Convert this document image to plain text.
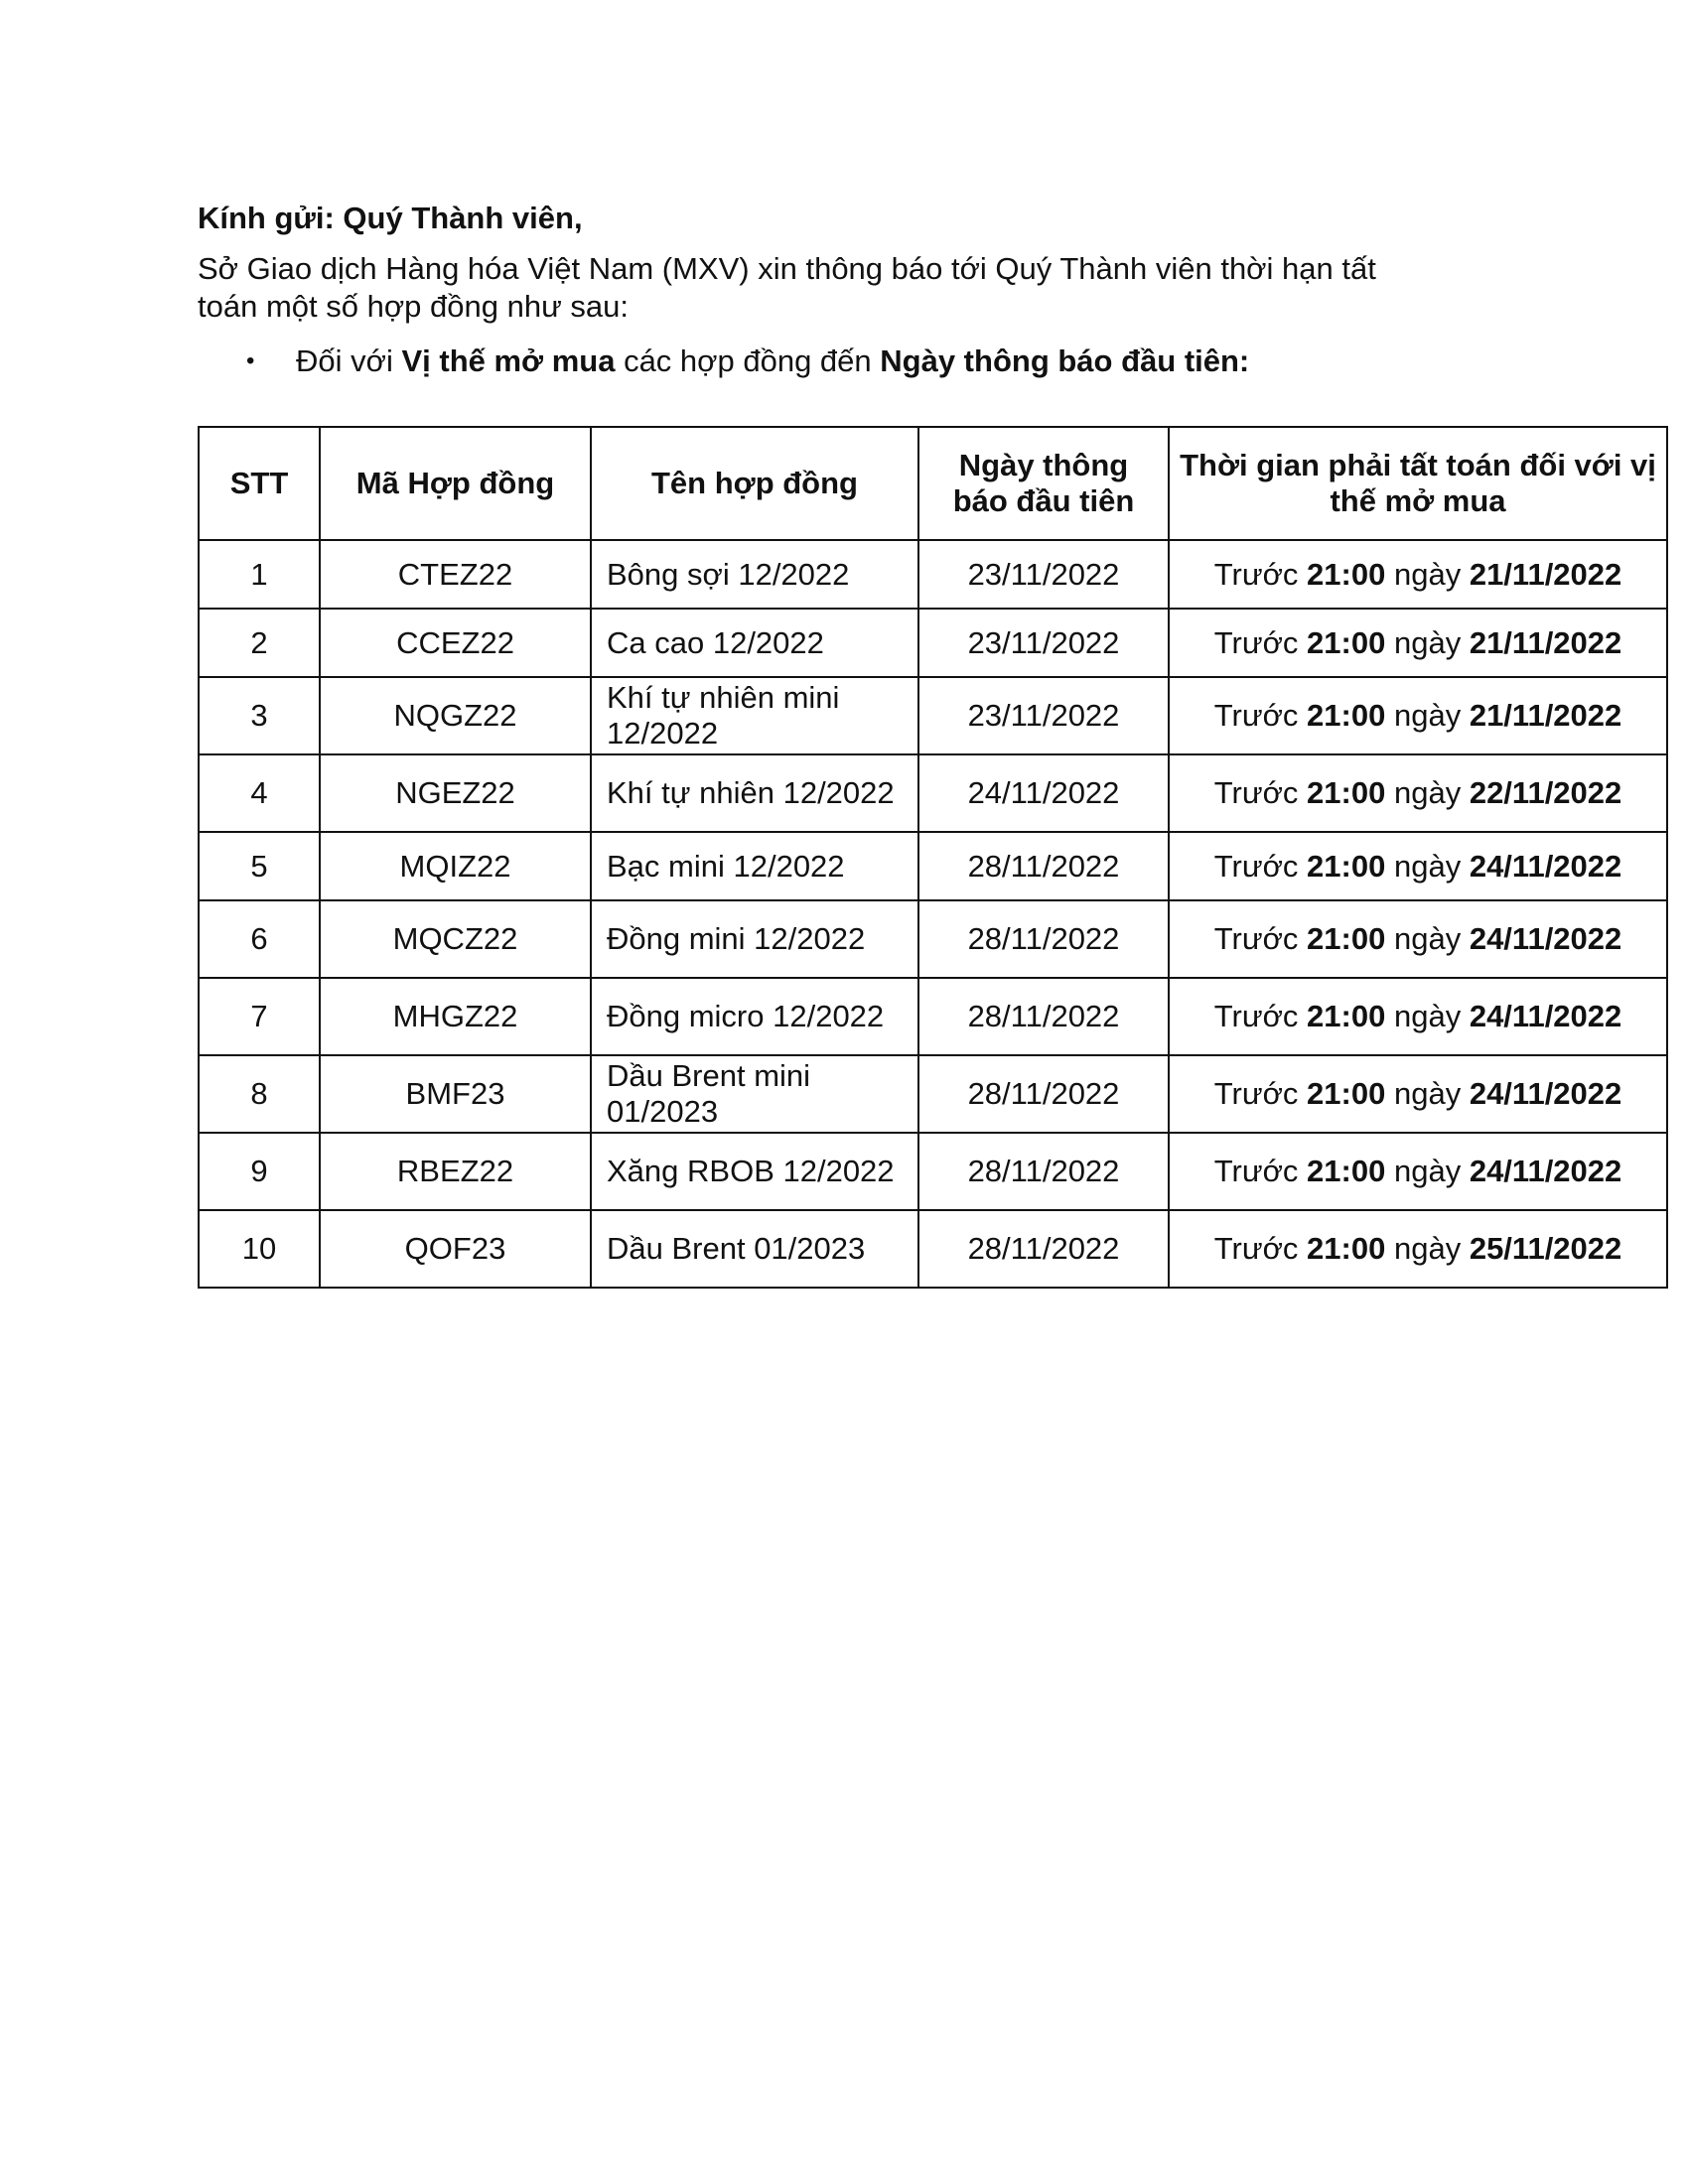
Kính gửi: Quý Thành viên,

Sở Giao dịch Hàng hóa Việt Nam (MXV) xin thông báo tới Quý Thành viên thời hạn tất toán một số hợp đồng như sau:

•	Đối với Vị thế mở mua các hợp đồng đến Ngày thông báo đầu tiên:
STT	Mã Hợp đồng	Tên hợp đồng	Ngày thông báo đầu tiên	Thời gian phải tất toán đối với vị thế mở mua
1	CTEZ22	Bông sợi 12/2022	23/11/2022	Trước 21:00 ngày 21/11/2022
2	CCEZ22	Ca cao 12/2022	23/11/2022	Trước 21:00 ngày 21/11/2022
3	NQGZ22	Khí tự nhiên mini 12/2022	23/11/2022	Trước 21:00 ngày 21/11/2022
4	NGEZ22	Khí tự nhiên 12/2022	24/11/2022	Trước 21:00 ngày 22/11/2022
5	MQIZ22	Bạc mini 12/2022	28/11/2022	Trước 21:00 ngày 24/11/2022
6	MQCZ22	Đồng mini 12/2022	28/11/2022	Trước 21:00 ngày 24/11/2022
7	MHGZ22	Đồng micro 12/2022	28/11/2022	Trước 21:00 ngày 24/11/2022
8	BMF23	Dầu Brent mini 01/2023	28/11/2022	Trước 21:00 ngày 24/11/2022
9	RBEZ22	Xăng RBOB 12/2022	28/11/2022	Trước 21:00 ngày 24/11/2022
10	QOF23	Dầu Brent 01/2023	28/11/2022	Trước 21:00 ngày 25/11/2022
